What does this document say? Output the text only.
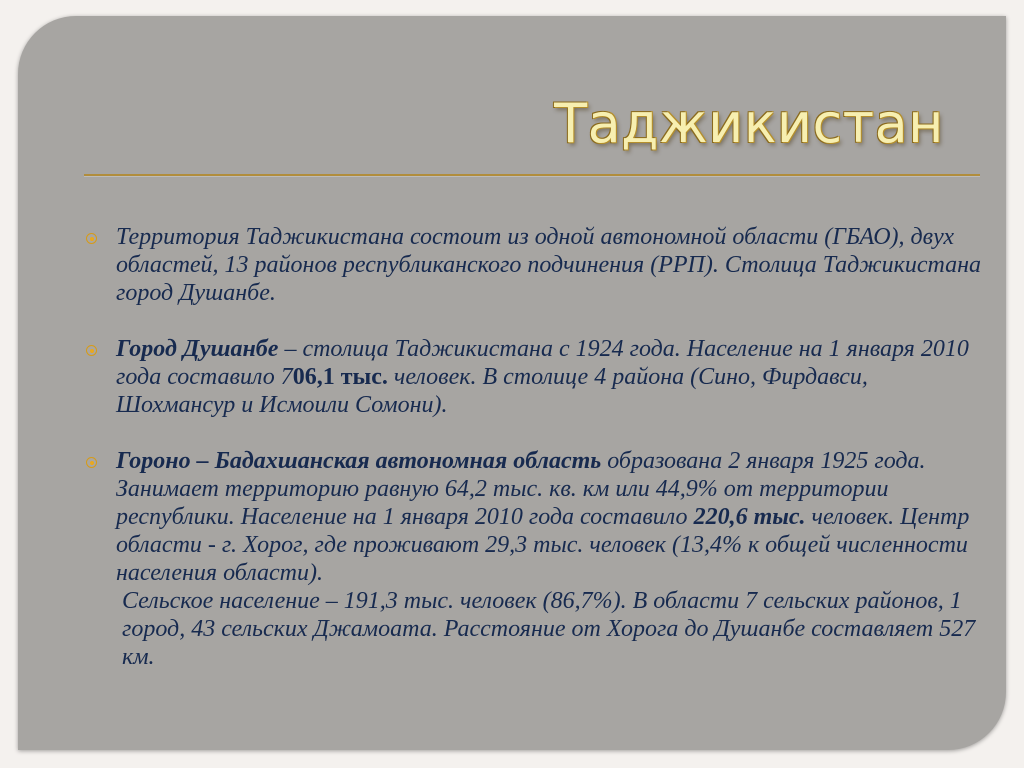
Таджикистан
Территория Таджикистана состоит из одной автономной области (ГБАО), двух областей, 13 районов республиканского подчинения (РРП). Столица Таджикистана город Душанбе.
Город Душанбе – столица Таджикистана с 1924 года. Население на 1 января 2010 года составило 706,1 тыс. человек. В столице 4 района (Сино, Фирдавси, Шохмансур и Исмоили Сомони).
Гороно – Бадахшанская автономная область образована 2 января 1925 года. Занимает территорию равную 64,2 тыс. кв. км или 44,9% от территории республики. Население на 1 января 2010 года составило 220,6 тыс. человек. Центр области - г. Хорог, где проживают 29,3 тыс. человек (13,4% к общей численности населения области).
Сельское население – 191,3 тыс. человек (86,7%). В области 7 сельских районов, 1 город, 43 сельских Джамоата. Расстояние от Хорога до Душанбе составляет 527 км.
